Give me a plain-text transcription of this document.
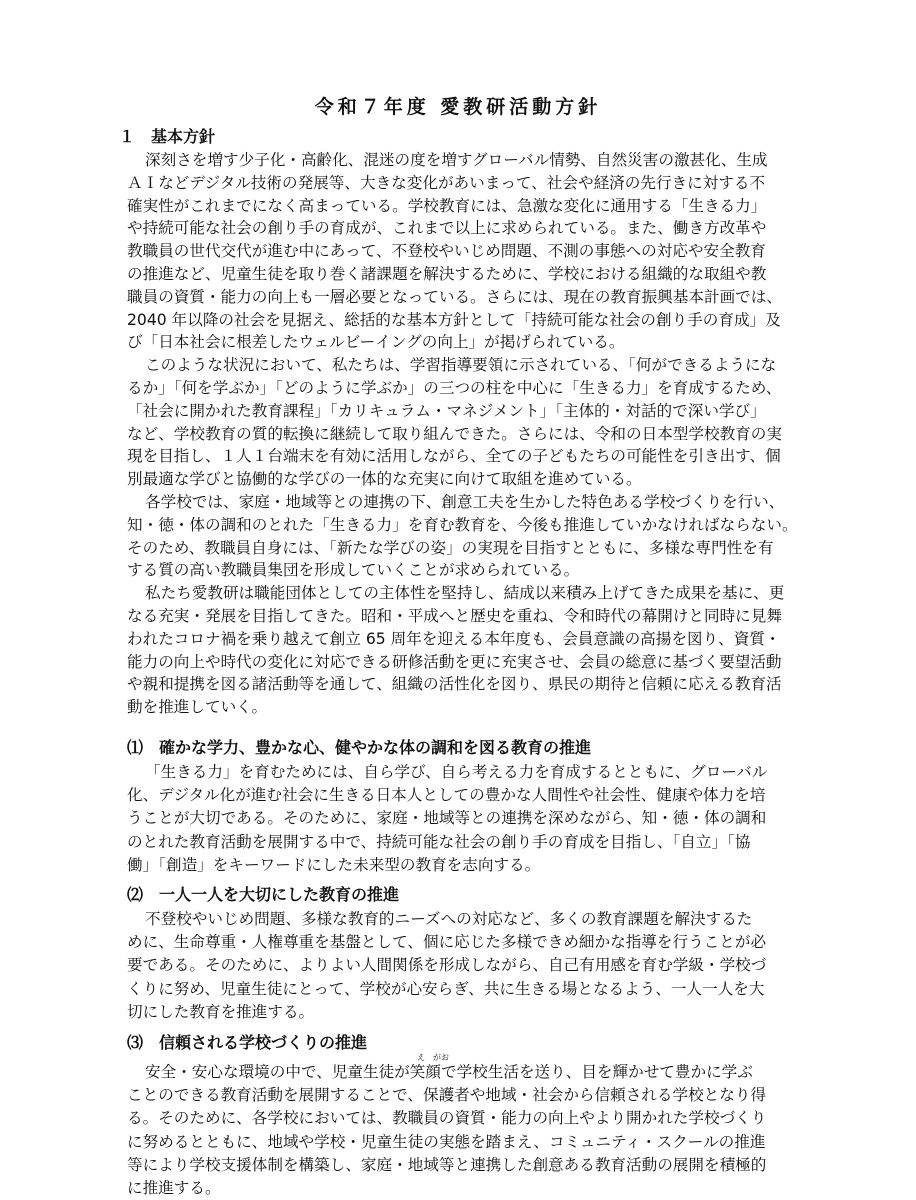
令和７年度 愛教研活動方針
１　基本方針
深刻さを増す少子化・高齢化、混迷の度を増すグローバル情勢、自然災害の激甚化、生成
ＡＩなどデジタル技術の発展等、大きな変化があいまって、社会や経済の先行きに対する不
確実性がこれまでになく高まっている。学校教育には、急激な変化に通用する「生きる力」
や持続可能な社会の創り手の育成が、これまで以上に求められている。また、働き方改革や
教職員の世代交代が進む中にあって、不登校やいじめ問題、不測の事態への対応や安全教育
の推進など、児童生徒を取り巻く諸課題を解決するために、学校における組織的な取組や教
職員の資質・能力の向上も一層必要となっている。さらには、現在の教育振興基本計画では、
2040 年以降の社会を見据え、総括的な基本方針として「持続可能な社会の創り手の育成」及
び「日本社会に根差したウェルビーイングの向上」が掲げられている。
このような状況において、私たちは、学習指導要領に示されている、「何ができるようにな
るか」「何を学ぶか」「どのように学ぶか」の三つの柱を中心に「生きる力」を育成するため、
「社会に開かれた教育課程」「カリキュラム・マネジメント」「主体的・対話的で深い学び」
など、学校教育の質的転換に継続して取り組んできた。さらには、令和の日本型学校教育の実
現を目指し、１人１台端末を有効に活用しながら、全ての子どもたちの可能性を引き出す、個
別最適な学びと協働的な学びの一体的な充実に向けて取組を進めている。
各学校では、家庭・地域等との連携の下、創意工夫を生かした特色ある学校づくりを行い、
知・徳・体の調和のとれた「生きる力」を育む教育を、今後も推進していかなければならない。
そのため、教職員自身には、「新たな学びの姿」の実現を目指すとともに、多様な専門性を有
する質の高い教職員集団を形成していくことが求められている。
私たち愛教研は職能団体としての主体性を堅持し、結成以来積み上げてきた成果を基に、更
なる充実・発展を目指してきた。昭和・平成へと歴史を重ね、令和時代の幕開けと同時に見舞
われたコロナ禍を乗り越えて創立 65 周年を迎える本年度も、会員意識の高揚を図り、資質・
能力の向上や時代の変化に対応できる研修活動を更に充実させ、会員の総意に基づく要望活動
や親和提携を図る諸活動等を通して、組織の活性化を図り、県民の期待と信頼に応える教育活
動を推進していく。
⑴　確かな学力、豊かな心、健やかな体の調和を図る教育の推進
「生きる力」を育むためには、自ら学び、自ら考える力を育成するとともに、グローバル
化、デジタル化が進む社会に生きる日本人としての豊かな人間性や社会性、健康や体力を培
うことが大切である。そのために、家庭・地域等との連携を深めながら、知・徳・体の調和
のとれた教育活動を展開する中で、持続可能な社会の創り手の育成を目指し、「自立」「協
働」「創造」をキーワードにした未来型の教育を志向する。
⑵　一人一人を大切にした教育の推進
不登校やいじめ問題、多様な教育的ニーズへの対応など、多くの教育課題を解決するた
めに、生命尊重・人権尊重を基盤として、個に応じた多様できめ細かな指導を行うことが必
要である。そのために、よりよい人間関係を形成しながら、自己有用感を育む学級・学校づ
くりに努め、児童生徒にとって、学校が心安らぎ、共に生きる場となるよう、一人一人を大
切にした教育を推進する。
⑶　信頼される学校づくりの推進
え　がお
安全・安心な環境の中で、児童生徒が笑顔で学校生活を送り、目を輝かせて豊かに学ぶ
ことのできる教育活動を展開することで、保護者や地域・社会から信頼される学校となり得
る。そのために、各学校においては、教職員の資質・能力の向上やより開かれた学校づくり
に努めるとともに、地域や学校・児童生徒の実態を踏まえ、コミュニティ・スクールの推進
等により学校支援体制を構築し、家庭・地域等と連携した創意ある教育活動の展開を積極的
に推進する。
